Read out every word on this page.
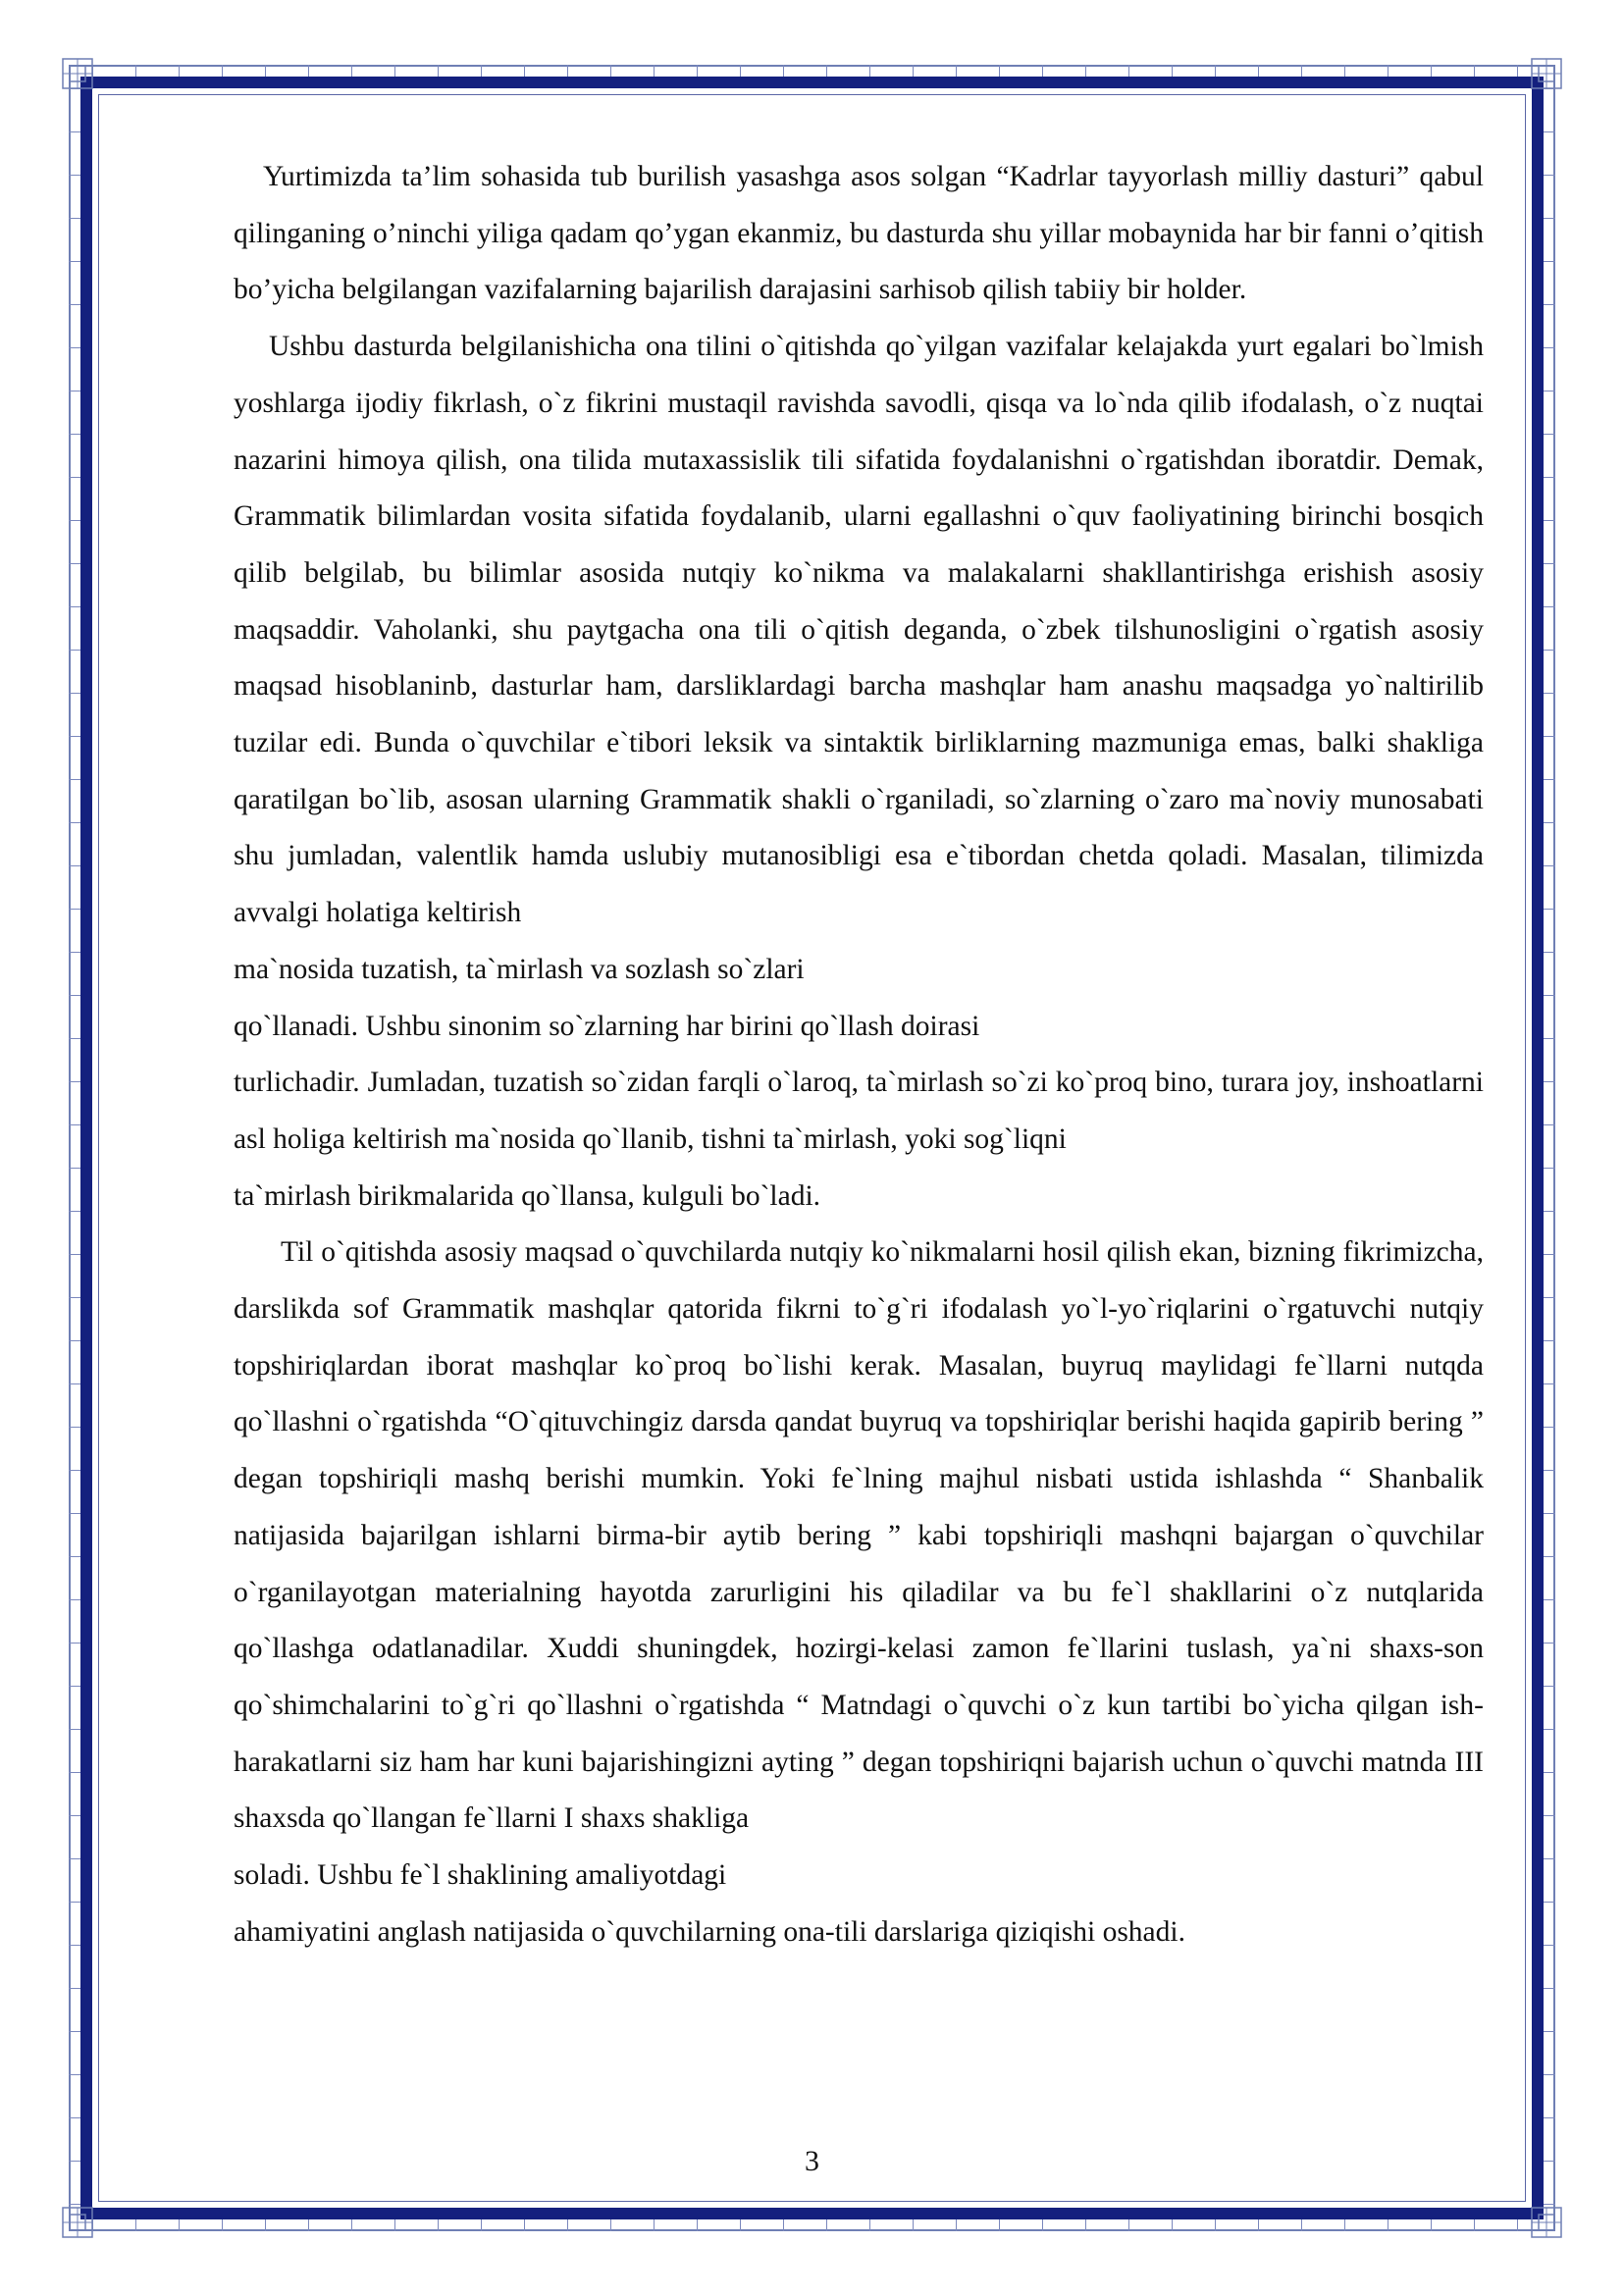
Yurtimizda ta’lim sohasida tub burilish yasashga asos solgan “Kadrlar tayyorlash milliy dasturi” qabul qilinganing o’ninchi yiliga qadam qo’ygan ekanmiz, bu dasturda shu yillar mobaynida har bir fanni o’qitish bo’yicha belgilangan vazifalarning bajarilish darajasini sarhisob qilish tabiiy bir holder.

Ushbu dasturda belgilanishicha ona tilini o`qitishda qo`yilgan vazifalar kelajakda yurt egalari bo`lmish yoshlarga ijodiy fikrlash, o`z fikrini mustaqil ravishda savodli, qisqa va lo`nda qilib ifodalash, o`z nuqtai nazarini himoya qilish, ona tilida mutaxassislik tili sifatida foydalanishni o`rgatishdan iboratdir. Demak, Grammatik bilimlardan vosita sifatida foydalanib, ularni egallashni o`quv faoliyatining birinchi bosqich qilib belgilab, bu bilimlar asosida nutqiy ko`nikma va malakalarni shakllantirishga erishish asosiy maqsaddir. Vaholanki, shu paytgacha ona tili o`qitish deganda, o`zbek tilshunosligini o`rgatish asosiy maqsad hisoblaninb, dasturlar ham, darsliklardagi barcha mashqlar ham anashu maqsadga yo`naltirilib tuzilar edi. Bunda o`quvchilar e`tibori leksik va sintaktik birliklarning mazmuniga emas, balki shakliga qaratilgan bo`lib, asosan ularning Grammatik shakli o`rganiladi, so`zlarning o`zaro ma`noviy munosabati shu jumladan, valentlik hamda uslubiy mutanosibligi esa e`tibordan chetda qoladi. Masalan, tilimizda avvalgi holatiga keltirish

ma`nosida tuzatish, ta`mirlash va sozlash so`zlari
qo`llanadi. Ushbu sinonim so`zlarning har birini qo`llash doirasi

turlichadir. Jumladan, tuzatish so`zidan farqli o`laroq, ta`mirlash so`zi ko`proq bino, turara joy, inshoatlarni asl holiga keltirish ma`nosida qo`llanib, tishni ta`mirlash, yoki sog`liqni

ta`mirlash birikmalarida qo`llansa, kulguli bo`ladi.

Til o`qitishda asosiy maqsad o`quvchilarda nutqiy ko`nikmalarni hosil qilish ekan, bizning fikrimizcha, darslikda sof Grammatik mashqlar qatorida fikrni to`g`ri ifodalash yo`l-yo`riqlarini o`rgatuvchi nutqiy topshiriqlardan iborat mashqlar ko`proq bo`lishi kerak. Masalan, buyruq maylidagi fe`llarni nutqda qo`llashni o`rgatishda “O`qituvchingiz darsda qandat buyruq va topshiriqlar berishi haqida gapirib bering ” degan topshiriqli mashq berishi mumkin. Yoki fe`lning majhul nisbati ustida ishlashda “ Shanbalik natijasida bajarilgan ishlarni birma-bir aytib bering ” kabi topshiriqli mashqni bajargan o`quvchilar o`rganilayotgan materialning hayotda zarurligini his qiladilar va bu fe`l shakllarini o`z nutqlarida qo`llashga odatlanadilar. Xuddi shuningdek, hozirgi-kelasi zamon fe`llarini tuslash, ya`ni shaxs-son qo`shimchalarini to`g`ri qo`llashni o`rgatishda “ Matndagi o`quvchi o`z kun tartibi bo`yicha qilgan ish-harakatlarni siz ham har kuni bajarishingizni ayting ” degan topshiriqni bajarish uchun o`quvchi matnda III shaxsda qo`llangan fe`llarni I shaxs shakliga

soladi. Ushbu fe`l shaklining amaliyotdagi
ahamiyatini anglash natijasida o`quvchilarning ona-tili darslariga qiziqishi oshadi.
3
